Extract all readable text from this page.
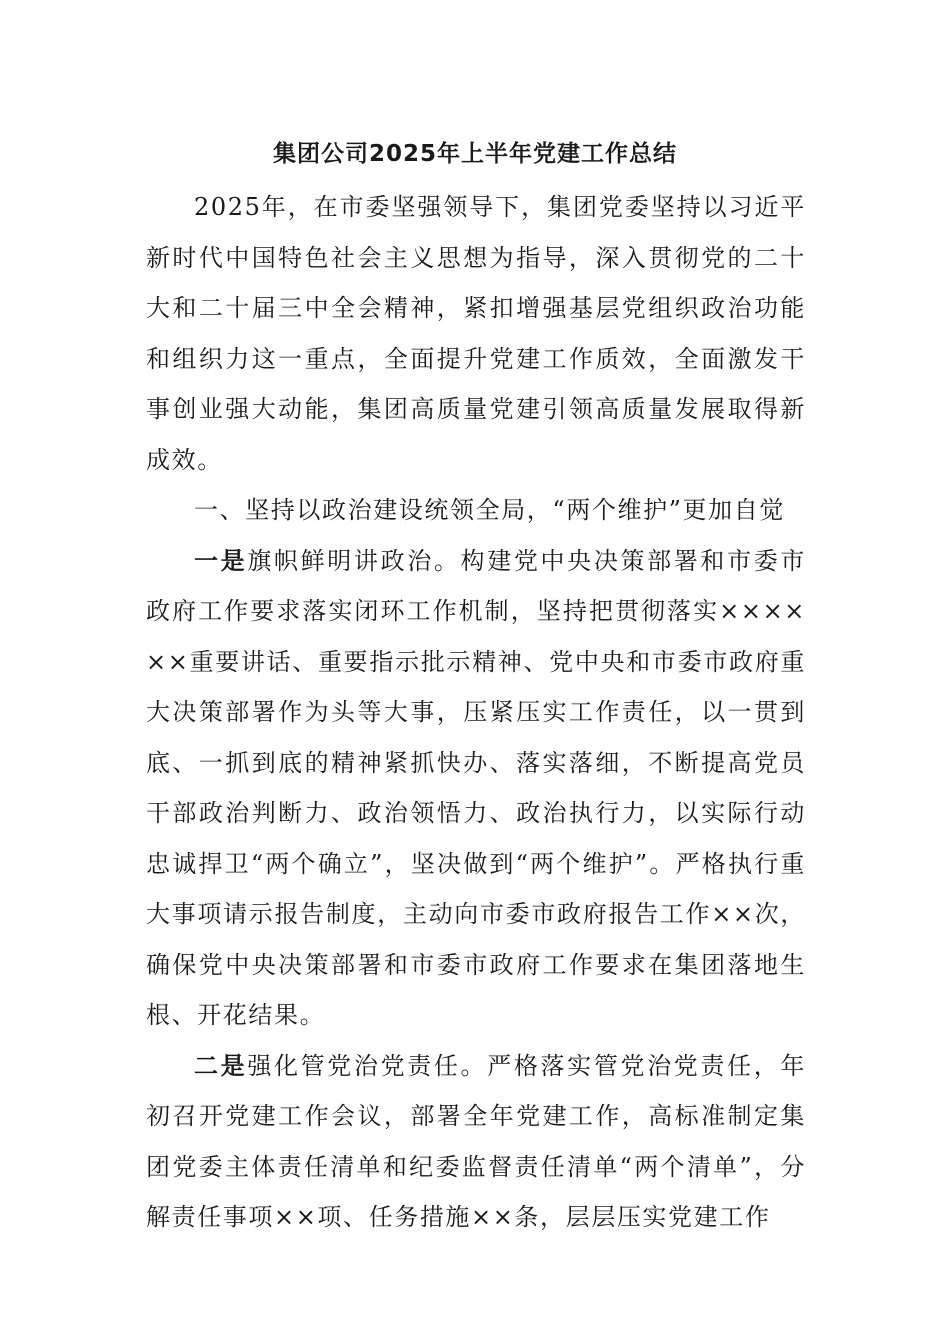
集团公司2025年上半年党建工作总结

2025年，在市委坚强领导下，集团党委坚持以习近平新时代中国特色社会主义思想为指导，深入贯彻党的二十大和二十届三中全会精神，紧扣增强基层党组织政治功能和组织力这一重点，全面提升党建工作质效，全面激发干事创业强大动能，集团高质量党建引领高质量发展取得新成效。

一、坚持以政治建设统领全局，“两个维护”更加自觉

一是旗帜鲜明讲政治。构建党中央决策部署和市委市政府工作要求落实闭环工作机制，坚持把贯彻落实××××××重要讲话、重要指示批示精神、党中央和市委市政府重大决策部署作为头等大事，压紧压实工作责任，以一贯到底、一抓到底的精神紧抓快办、落实落细，不断提高党员干部政治判断力、政治领悟力、政治执行力，以实际行动忠诚捍卫“两个确立”，坚决做到“两个维护”。严格执行重大事项请示报告制度，主动向市委市政府报告工作××次，确保党中央决策部署和市委市政府工作要求在集团落地生根、开花结果。

二是强化管党治党责任。严格落实管党治党责任，年初召开党建工作会议，部署全年党建工作，高标准制定集团党委主体责任清单和纪委监督责任清单“两个清单”，分解责任事项××项、任务措施××条，层层压实党建工作
